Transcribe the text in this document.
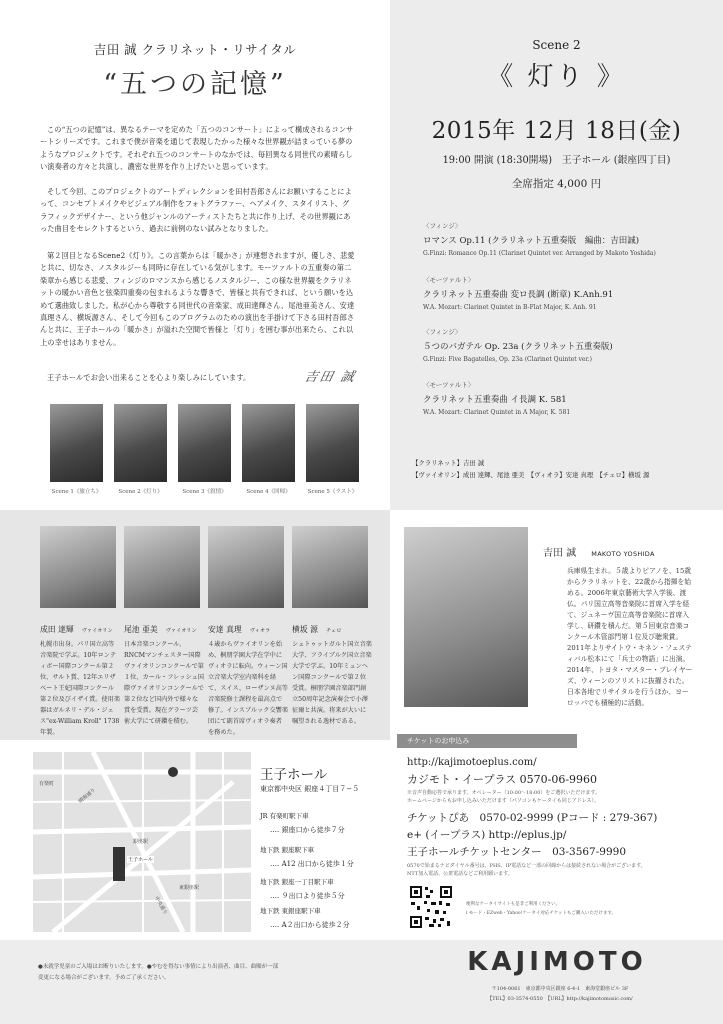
吉田 誠 クラリネット・リサイタル
“五つの記憶”
この“五つの記憶”は、異なるテーマを定めた「五つのコンサート」によって構成されるコンサートシリーズです。これまで僕が音楽を通じて表現したかった様々な世界観が詰まっている夢のようなプロジェクトです。それぞれ五つのコンサートのなかでは、毎回異なる同世代の素晴らしい演奏者の方々と共演し、濃密な世界を作り上げたいと思っています。
そして今回、このプロジェクトのアートディレクションを田村吾郎さんにお願いすることによって、コンセプトメイクやビジュアル制作をフォトグラファー、ヘアメイク、スタイリスト、グラフィックデザイナー、という他ジャンルのアーティストたちと共に作り上げ、その世界観にあった曲目をセレクトするという、過去に前例のない試みとなりました。
第２回目となるScene2《灯り》。この言葉からは「暖かさ」が連想されますが、優しさ、悲愛と共に、切なさ、ノスタルジーも同時に存在している気がします。モーツァルトの五重奏の第二楽章から感じる悲愛、フィンジのロマンスから感じるノスタルジー、この様な世界観をクラリネットの暖かい音色と弦楽四重奏の包まれるような響きで、皆様と共有できれば、という願いを込めて選曲致しました。私が心から尊敬する同世代の音楽家、成田達輝さん、尾池亜美さん、安達真理さん、横坂源さん、そして今回もこのプログラムのための演出を手掛けて下さる田村吾郎さんと共に、王子ホールの「暖かさ」が溢れた空間で皆様と「灯り」を囲む事が出来たら、これ以上の幸せはありません。
王子ホールでお会い出来ることを心より楽しみにしています。	吉田 誠
Scene 1《旅立ち》	Scene 2《灯り》	Scene 3《叙情》	Scene 4《回帰》	Scene 5《ラスト》
Scene 2
《 灯り 》
2015年 12月 18日(金)
19:00 開演 (18:30開場)　王子ホール (銀座四丁目)
全席指定 4,000 円
〈フィンジ〉
ロマンス Op.11 (クラリネット五重奏版　編曲：吉田誠)
G.Finzi: Romance Op.11 (Clarinet Quintet ver. Arranged by Makoto Yoshida)
〈モーツァルト〉
クラリネット五重奏曲 変ロ長調 (断章) K.Anh.91
W.A. Mozart: Clarinet Quintet in B-Flat Major, K. Anh. 91
〈フィンジ〉
５つのバガテル Op. 23a (クラリネット五重奏版)
G.Finzi: Five Bagatelles, Op. 23a (Clarinet Quintet ver.)
〈モーツァルト〉
クラリネット五重奏曲 イ長調 K. 581
W.A. Mozart: Clarinet Quintet in A Major, K. 581
【クラリネット】吉田 誠
【ヴァイオリン】成田 達輝、尾池 亜美　【ヴィオラ】安達 真理　【チェロ】横坂 源
成田 達輝 ヴァイオリン
札幌市出身。パリ国立高等音楽院で学ぶ。10年ロンティボー国際コンクール第２位、サルト賞、12年エリザベート王妃国際コンクール第２位及びイザイ賞。使用楽器はガルネリ・デル・ジェス"ex-William Kroll" 1738年製。
尾池 亜美 ヴァイオリン
日本音楽コンクール、RNCMマンチェスター国際ヴァイオリンコンクールで第１位、カール・フレッシュ国際ヴァイオリンコンクールで第２位など国内外で様々な賞を受賞。現在グラーツ芸術大学にて研鑽を積む。
安達 真理 ヴィオラ
４歳からヴァイオリンを始め、桐朋学園大学在学中にヴィオラに転向。ウィーン国立音楽大学室内楽科を経て、スイス、ローザンヌ高等音楽院修士課程を最高点で修了。インスブルック交響楽団にて副首席ヴィオラ奏者を務めた。
横坂 源 チェロ
シュトゥットガルト国立音楽大学、フライブルク国立音楽大学で学ぶ。10年ミュンヘン国際コンクールで第２位受賞。桐朋学園音楽部門創立50周年記念演奏会で小澤征爾と共演。将来が大いに嘱望される逸材である。
吉田 誠 MAKOTO YOSHIDA
兵庫県生まれ。５歳よりピアノを、15歳からクラリネットを、22歳から指揮を始める。2006年東京藝術大学入学後、渡仏。パリ国立高等音楽院に首席入学を経て、ジュネーヴ国立高等音楽院に首席入学し、研鑽を積んだ。第５回東京音楽コンクール木管部門第１位及び聴衆賞。2011年よりサイトウ・キネン・フェスティバル松本にて「兵士の物語」に出演。2014年、トヨタ・マスター・プレイヤーズ、ウィーンのソリストに抜擢された。日本各地でリサイタルを行うほか、ヨーロッパでも積極的に活動。
王子ホール
銀座駅
東銀座駅
有楽町
晴海通り
中央通り
王子ホール
東京都中央区 銀座４丁目７−５
JR 有楽町駅下車
‥‥ 銀座口から徒歩７分
地下鉄 銀座駅下車
‥‥ A12 出口から徒歩１分
地下鉄 銀座一丁目駅下車
‥‥ ９出口より徒歩５分
地下鉄 東銀座駅下車
‥‥ A２出口から徒歩２分
チケットのお申込み
http://kajimotoeplus.com/
カジモト・イープラス 0570-06-9960
※音声自動応答で承ります。オペレーター（10:00〜18:00）をご選択いただけます。
ホームページからもお申し込みいただけます（パソコンもケータイも同じアドレス）。
チケットぴあ　0570-02-9999 (Pコード : 279-367)
e+ (イープラス) http://eplus.jp/
王子ホールチケットセンター　03-3567-9990
0570で始まるナビダイヤル番号は、PHS、IP電話など一部の回線からは接続されない場合がございます。
NTT加入電話、公衆電話などご利用願います。
便利なケータイサイトも是非ご利用ください。
i モード・EZweb・Yahoo!ケータイ対応チケットもご購入いただけます。
●未就学児童のご入場はお断りいたします。●やむを得ない事情により出演者、曲目、曲順が一部
変更になる場合がございます。予めご了承ください。
KAJIMOTO
〒104-0061　東京都中央区銀座 6-4-1　東海堂銀座ビル 3F
【TEL】03-3574-0550　【URL】http://kajimotomusic.com/
